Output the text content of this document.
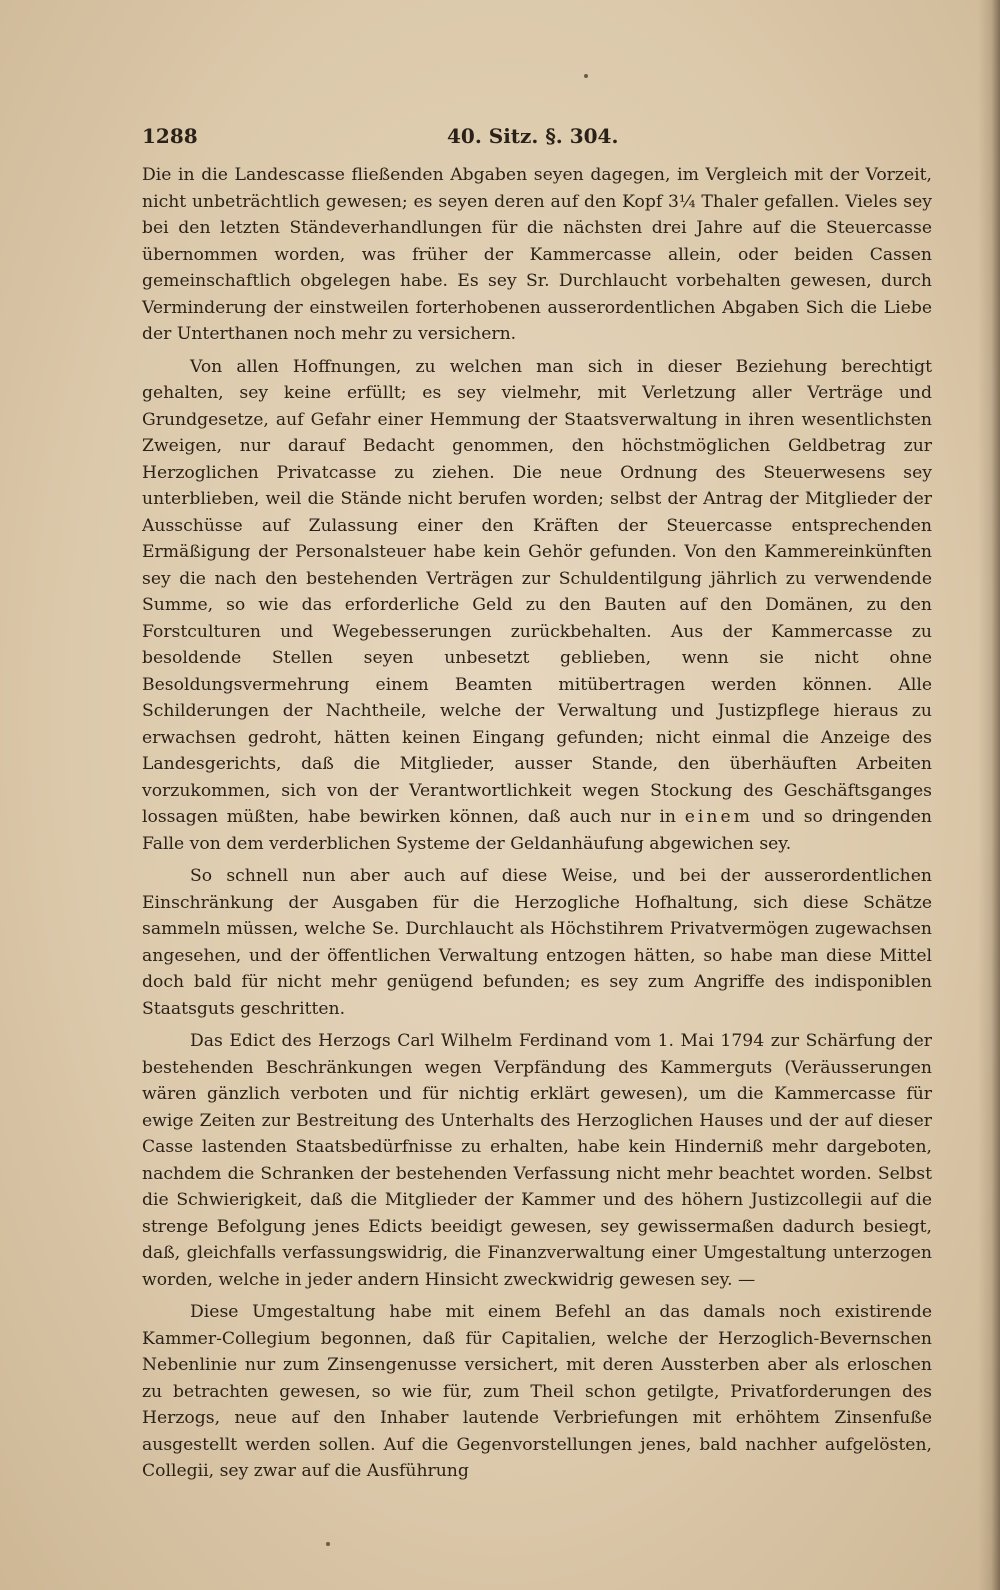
1288	40. Sitz. §. 304.

Die in die Landescasse fließenden Abgaben seyen dagegen, im Vergleich mit der Vorzeit, nicht unbeträchtlich gewesen; es seyen deren auf den Kopf 3¼ Thaler gefallen. Vieles sey bei den letzten Ständeverhandlungen für die nächsten drei Jahre auf die Steuercasse übernommen worden, was früher der Kammercasse allein, oder beiden Cassen gemeinschaftlich obgelegen habe. Es sey Sr. Durchlaucht vorbehalten gewesen, durch Verminderung der einstweilen forterhobenen ausserordentlichen Abgaben Sich die Liebe der Unterthanen noch mehr zu versichern.

Von allen Hoffnungen, zu welchen man sich in dieser Beziehung berechtigt gehalten, sey keine erfüllt; es sey vielmehr, mit Verletzung aller Verträge und Grundgesetze, auf Gefahr einer Hemmung der Staatsverwaltung in ihren wesentlichsten Zweigen, nur darauf Bedacht genommen, den höchstmöglichen Geldbetrag zur Herzoglichen Privatcasse zu ziehen. Die neue Ordnung des Steuerwesens sey unterblieben, weil die Stände nicht berufen worden; selbst der Antrag der Mitglieder der Ausschüsse auf Zulassung einer den Kräften der Steuercasse entsprechenden Ermäßigung der Personalsteuer habe kein Gehör gefunden. Von den Kammereinkünften sey die nach den bestehenden Verträgen zur Schuldentilgung jährlich zu verwendende Summe, so wie das erforderliche Geld zu den Bauten auf den Domänen, zu den Forstculturen und Wegebesserungen zurückbehalten. Aus der Kammercasse zu besoldende Stellen seyen unbesetzt geblieben, wenn sie nicht ohne Besoldungsvermehrung einem Beamten mitübertragen werden können. Alle Schilderungen der Nachtheile, welche der Verwaltung und Justizpflege hieraus zu erwachsen gedroht, hätten keinen Eingang gefunden; nicht einmal die Anzeige des Landesgerichts, daß die Mitglieder, ausser Stande, den überhäuften Arbeiten vorzukommen, sich von der Verantwortlichkeit wegen Stockung des Geschäftsganges lossagen müßten, habe bewirken können, daß auch nur in einem und so dringenden Falle von dem verderblichen Systeme der Geldanhäufung abgewichen sey.

So schnell nun aber auch auf diese Weise, und bei der ausserordentlichen Einschränkung der Ausgaben für die Herzogliche Hofhaltung, sich diese Schätze sammeln müssen, welche Se. Durchlaucht als Höchstihrem Privatvermögen zugewachsen angesehen, und der öffentlichen Verwaltung entzogen hätten, so habe man diese Mittel doch bald für nicht mehr genügend befunden; es sey zum Angriffe des indisponiblen Staatsguts geschritten.

Das Edict des Herzogs Carl Wilhelm Ferdinand vom 1. Mai 1794 zur Schärfung der bestehenden Beschränkungen wegen Verpfändung des Kammerguts (Veräusserungen wären gänzlich verboten und für nichtig erklärt gewesen), um die Kammercasse für ewige Zeiten zur Bestreitung des Unterhalts des Herzoglichen Hauses und der auf dieser Casse lastenden Staatsbedürfnisse zu erhalten, habe kein Hinderniß mehr dargeboten, nachdem die Schranken der bestehenden Verfassung nicht mehr beachtet worden. Selbst die Schwierigkeit, daß die Mitglieder der Kammer und des höhern Justizcollegii auf die strenge Befolgung jenes Edicts beeidigt gewesen, sey gewissermaßen dadurch besiegt, daß, gleichfalls verfassungswidrig, die Finanzverwaltung einer Umgestaltung unterzogen worden, welche in jeder andern Hinsicht zweckwidrig gewesen sey. —

Diese Umgestaltung habe mit einem Befehl an das damals noch existirende Kammer-Collegium begonnen, daß für Capitalien, welche der Herzoglich-Bevernschen Nebenlinie nur zum Zinsengenusse versichert, mit deren Aussterben aber als erloschen zu betrachten gewesen, so wie für, zum Theil schon getilgte, Privatforderungen des Herzogs, neue auf den Inhaber lautende Verbriefungen mit erhöhtem Zinsenfuße ausgestellt werden sollen. Auf die Gegenvorstellungen jenes, bald nachher aufgelösten, Collegii, sey zwar auf die Ausführung
